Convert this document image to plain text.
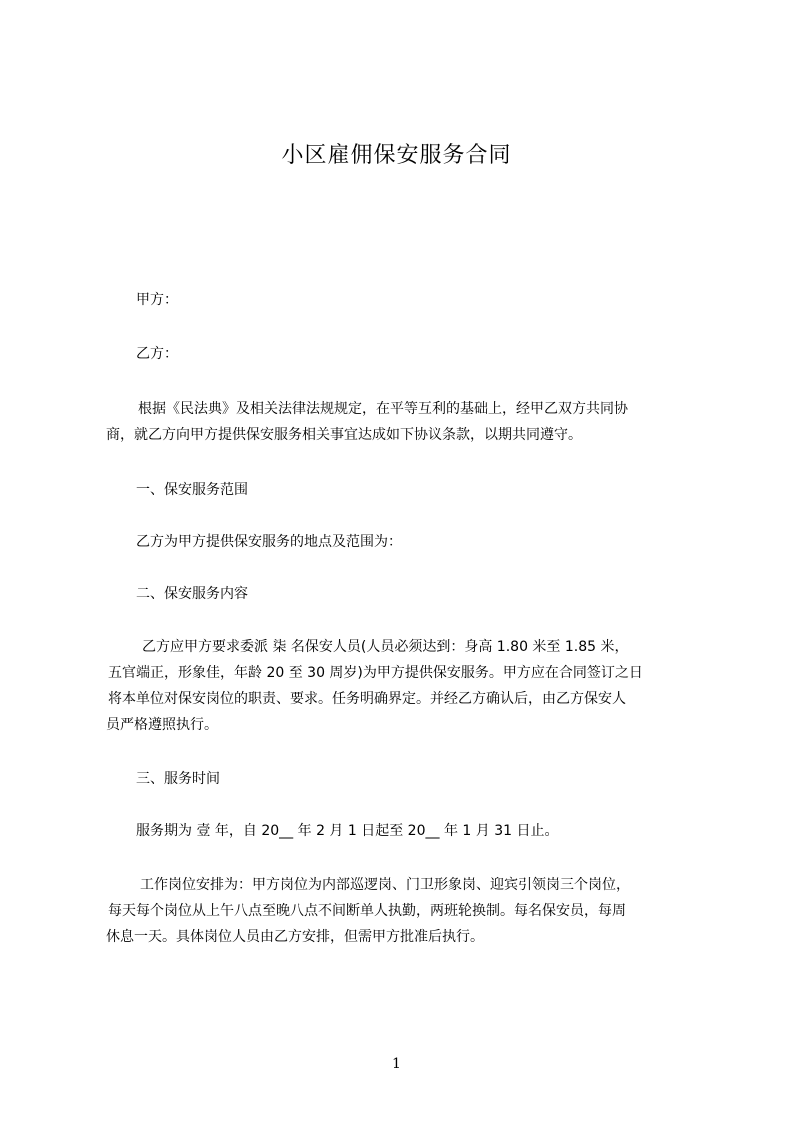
小区雇佣保安服务合同
甲方：
乙方：
根据《民法典》及相关法律法规规定，在平等互利的基础上，经甲乙双方共同协
商，就乙方向甲方提供保安服务相关事宜达成如下协议条款，以期共同遵守。
一、保安服务范围
乙方为甲方提供保安服务的地点及范围为：
二、保安服务内容
乙方应甲方要求委派 柒 名保安人员(人员必须达到：身高 1.80 米至 1.85 米，
五官端正，形象佳，年龄 20 至 30 周岁)为甲方提供保安服务。甲方应在合同签订之日
将本单位对保安岗位的职责、要求。任务明确界定。并经乙方确认后，由乙方保安人
员严格遵照执行。
三、服务时间
服务期为 壹 年，自 20__ 年 2 月 1 日起至 20__ 年 1 月 31 日止。
工作岗位安排为：甲方岗位为内部巡逻岗、门卫形象岗、迎宾引领岗三个岗位，
每天每个岗位从上午八点至晚八点不间断单人执勤，两班轮换制。每名保安员，每周
休息一天。具体岗位人员由乙方安排，但需甲方批准后执行。
1
